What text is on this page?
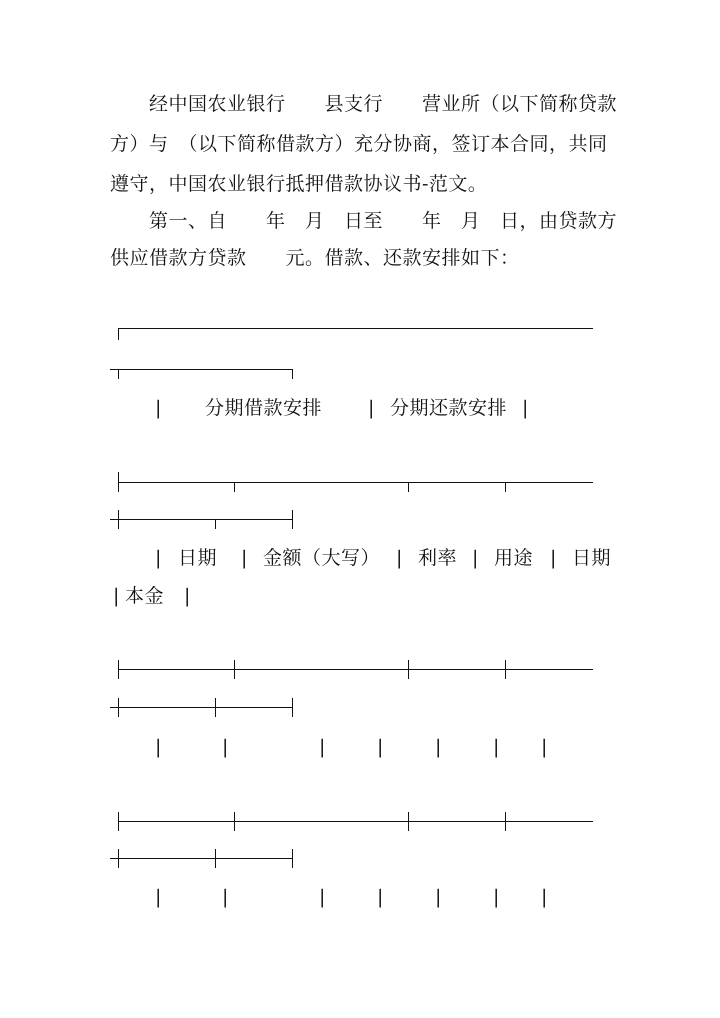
　　经中国农业银行　　县支行　　营业所（以下简称贷款
方）与　（以下简称借款方）充分协商，签订本合同，共同
遵守，中国农业银行抵押借款协议书-范文。
　　第一、自　　年　月　日至　　年　月　日，由贷款方
供应借款方贷款　　元。借款、还款安排如下：
| 分期借款安排 | 分期还款安排 |
| 日期 | 金额（大写） | 利率 | 用途 | 日期
| 本金 |
|	|	|	|	|	| |
|	|	|	|	|	| |
